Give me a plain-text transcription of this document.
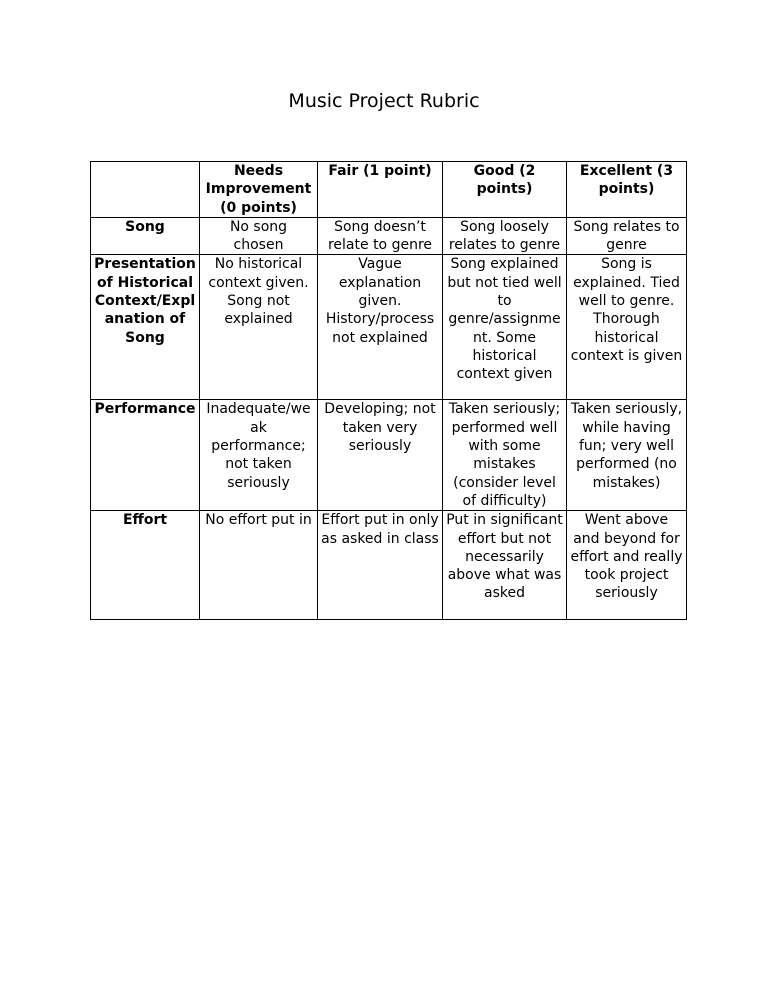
Music Project Rubric
	Needs Improvement (0 points)	Fair (1 point)	Good (2 points)	Excellent (3 points)
Song	No song chosen	Song doesn’t relate to genre	Song loosely relates to genre	Song relates to genre
Presentation of Historical Context/Explanation of Song	No historical context given. Song not explained	Vague explanation given. History/process not explained	Song explained but not tied well to genre/assignment. Some historical context given	Song is explained. Tied well to genre. Thorough historical context is given
Performance	Inadequate/weak performance; not taken seriously	Developing; not taken very seriously	Taken seriously; performed well with some mistakes (consider level of difficulty)	Taken seriously, while having fun; very well performed (no mistakes)
Effort	No effort put in	Effort put in only as asked in class	Put in significant effort but not necessarily above what was asked	Went above and beyond for effort and really took project seriously
